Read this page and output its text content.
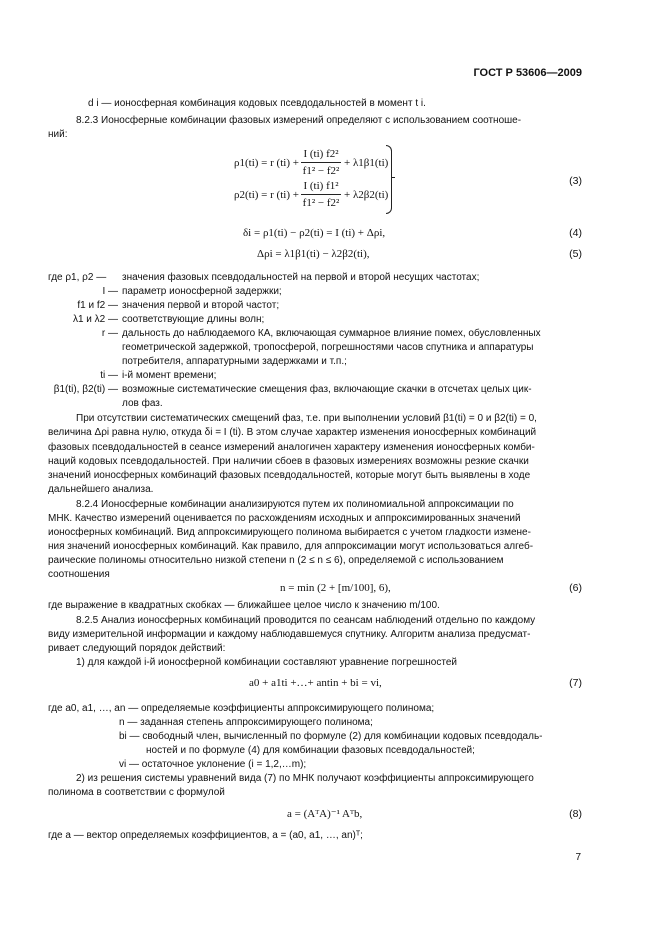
ГОСТ Р 53606—2009
d i — ионосферная комбинация кодовых псевдодальностей в момент t i.
8.2.3 Ионосферные комбинации фазовых измерений определяют с использованием соотноше-
ний:
ρ1(ti) = r (ti) +
I (ti) f2²
f1² − f2²
+ λ1β1(ti)
ρ2(ti) = r (ti) +
I (ti) f1²
f1² − f2²
+ λ2β2(ti)
(3)
δi = ρ1(ti) − ρ2(ti) = I (ti) + Δρi,	(4)
Δρi = λ1β1(ti) − λ2β2(ti),	(5)
где ρ1, ρ2 — значения фазовых псевдодальностей на первой и второй несущих частотах;
I — параметр ионосферной задержки;
f1 и f2 — значения первой и второй частот;
λ1 и λ2 — соответствующие длины волн;
r — дальность до наблюдаемого КА, включающая суммарное влияние помех, обусловленных
геометрической задержкой, тропосферой, погрешностями часов спутника и аппаратуры
потребителя, аппаратурными задержками и т.п.;
ti — i-й момент времени;
β1(ti), β2(ti) — возможные систематические смещения фаз, включающие скачки в отсчетах целых цик-
лов фаз.
При отсутствии систематических смещений фаз, т.е. при выполнении условий β1(ti) = 0 и β2(ti) = 0,
величина Δρi равна нулю, откуда δi = I (ti). В этом случае характер изменения ионосферных комбинаций
фазовых псевдодальностей в сеансе измерений аналогичен характеру изменения ионосферных комби-
наций кодовых псевдодальностей. При наличии сбоев в фазовых измерениях возможны резкие скачки
значений ионосферных комбинаций фазовых псевдодальностей, которые могут быть выявлены в ходе
дальнейшего анализа.
8.2.4 Ионосферные комбинации анализируются путем их полиномиальной аппроксимации по
МНК. Качество измерений оценивается по расхождениям исходных и аппроксимированных значений
ионосферных комбинаций. Вид аппроксимирующего полинома выбирается с учетом гладкости измене-
ния значений ионосферных комбинаций. Как правило, для аппроксимации могут использоваться алгеб-
раические полиномы относительно низкой степени n (2 ≤ n ≤ 6), определяемой с использованием
соотношения
n = min (2 + [m/100], 6),	(6)
где выражение в квадратных скобках — ближайшее целое число к значению m/100.
8.2.5 Анализ ионосферных комбинаций проводится по сеансам наблюдений отдельно по каждому
виду измерительной информации и каждому наблюдавшемуся спутнику. Алгоритм анализа предусмат-
ривает следующий порядок действий:
1) для каждой i-й ионосферной комбинации составляют уравнение погрешностей
a0 + a1ti +…+ antin + bi = vi,	(7)
где a0, a1, …, an — определяемые коэффициенты аппроксимирующего полинома;
n — заданная степень аппроксимирующего полинома;
bi — свободный член, вычисленный по формуле (2) для комбинации кодовых псевдодаль-
ностей и по формуле (4) для комбинации фазовых псевдодальностей;
vi — остаточное уклонение (i = 1,2,…m);
2) из решения системы уравнений вида (7) по МНК получают коэффициенты аппроксимирующего
полинома в соответствии с формулой
a = (AᵀA)⁻¹ Aᵀb,	(8)
где a — вектор определяемых коэффициентов, a = (a0, a1, …, an)ᵀ;
7
